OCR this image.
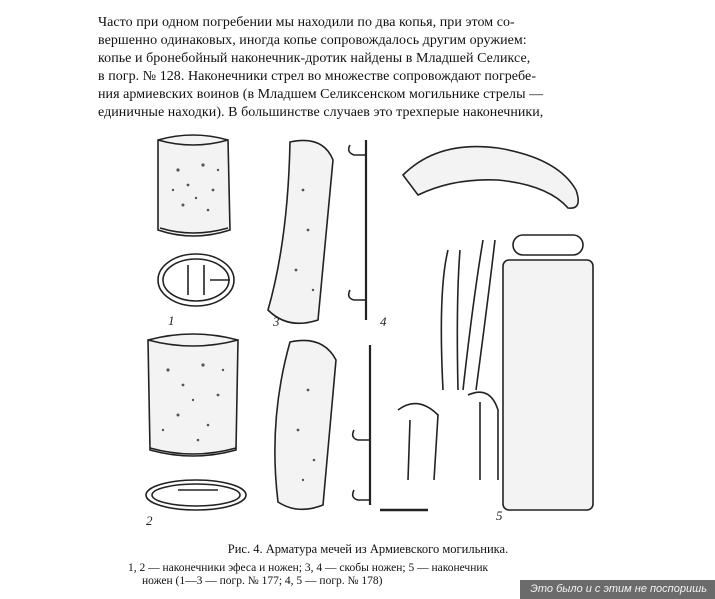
Часто при одном погребении мы находили по два копья, при этом со-
вершенно одинаковых, иногда копье сопровождалось другим оружием:
копье и бронебойный наконечник-дротик найдены в Младшей Селиксе,
в погр. № 128. Наконечники стрел во множестве сопровождают погребе-
ния армиевских воинов (в Младшем Селиксенском могильнике стрелы —
единичные находки). В большинстве случаев это трехперые наконечники,
1
2
3	4
5
Рис. 4. Арматура мечей из Армиевского могильника.
1, 2 — наконечники эфеса и ножен; 3, 4 — скобы ножен; 5 — наконечник
ножен (1—3 — погр. № 177; 4, 5 — погр. № 178)
Это было и с этим не поспоришь
